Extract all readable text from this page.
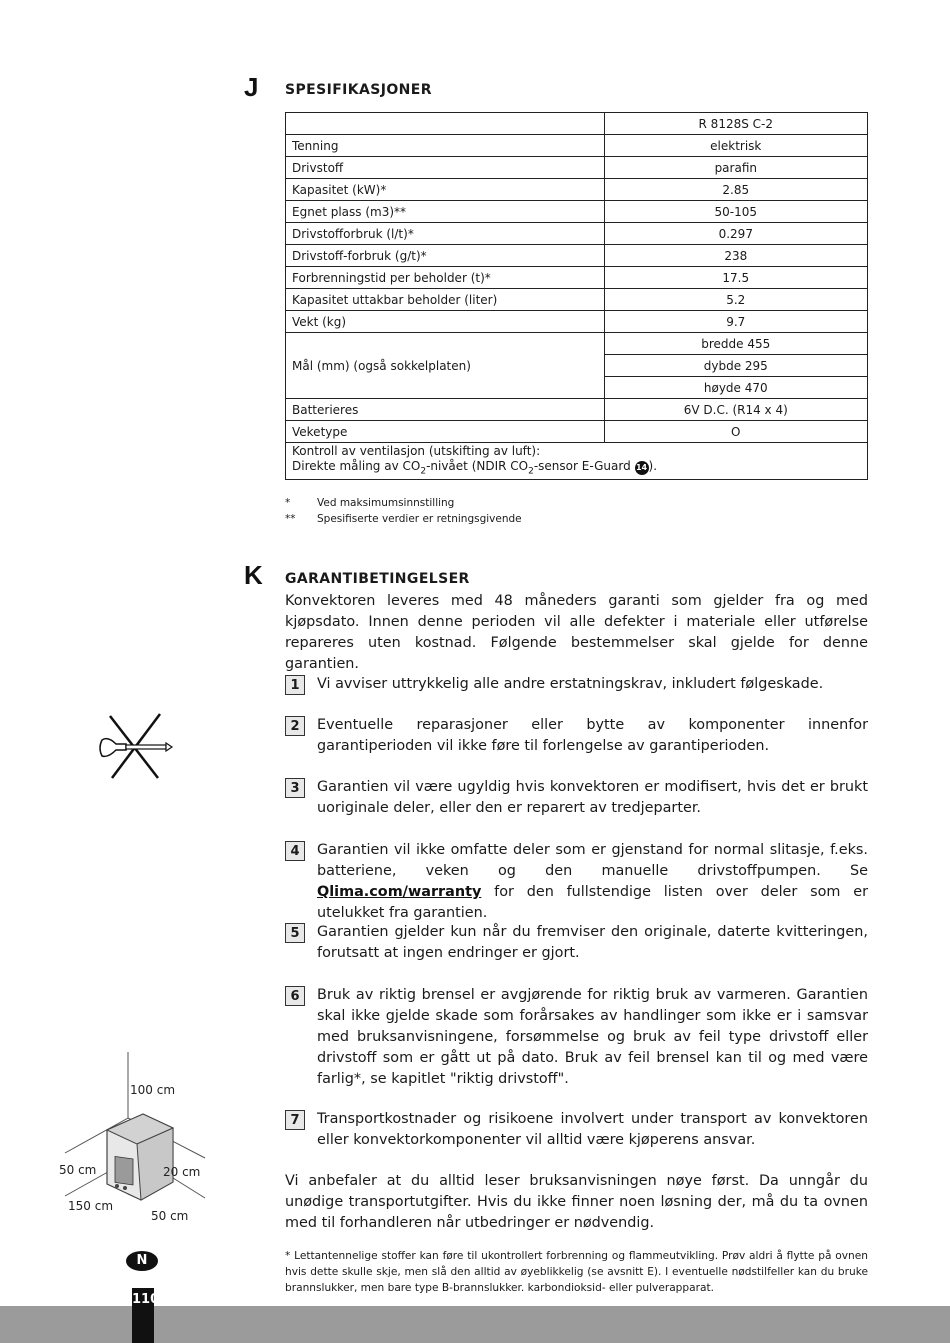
J SPESIFIKASJONER
	R 8128S C-2
Tenning	elektrisk
Drivstoff	parafin
Kapasitet (kW)*	2.85
Egnet plass (m3)**	50-105
Drivstofforbruk (l/t)*	0.297
Drivstoff-forbruk (g/t)*	238
Forbrenningstid per beholder (t)*	17.5
Kapasitet uttakbar beholder (liter)	5.2
Vekt (kg)	9.7
Mål (mm) (også sokkelplaten)	bredde 455
	dybde 295
	høyde 470
Batterieres	6V D.C. (R14 x 4)
Veketype	O

Kontroll av ventilasjon (utskifting av luft):
Direkte måling av $CO_2$-nivået (NDIR $CO_2$-sensor E-Guard 14).	
*	Ved maksimumsinnstilling
** Spesifiserte verdier er retningsgivende
K GARANTIBETINGELSER
Konvektoren leveres med 48 måneders garanti som gjelder fra og med kjøpsdato. Innen denne perioden vil alle defekter i materiale eller utførelse repareres uten kostnad. Følgende bestemmelser skal gjelde for denne garantien.
1	Vi avviser uttrykkelig alle andre erstatningskrav, inkludert følgeskade.
2	Eventuelle reparasjoner eller bytte av komponenter innenfor garantiperioden vil ikke føre til forlengelse av garantiperioden.
3	Garantien vil være ugyldig hvis konvektoren er modifisert, hvis det er brukt uoriginale deler, eller den er reparert av tredjeparter.
4	Garantien vil ikke omfatte deler som er gjenstand for normal slitasje, f.eks. batteriene, veken og den manuelle drivstoffpumpen. Se Qlima.com/warranty for den fullstendige listen over deler som er utelukket fra garantien.
5	Garantien gjelder kun når du fremviser den originale, daterte kvitteringen, forutsatt at ingen endringer er gjort.
6	Bruk av riktig brensel er avgjørende for riktig bruk av varmeren. Garantien skal ikke gjelde skade som forårsakes av handlinger som ikke er i samsvar med bruksanvisningene, forsømmelse og bruk av feil type drivstoff eller drivstoff som er gått ut på dato. Bruk av feil brensel kan til og med være farlig*, se kapitlet "riktig drivstoff".
7	Transportkostnader og risikoene involvert under transport av konvektoren eller konvektorkomponenter vil alltid være kjøperens ansvar.
Vi anbefaler at du alltid leser bruksanvisningen nøye først. Da unngår du unødige transportutgifter. Hvis du ikke finner noen løsning der, må du ta ovnen med til forhandleren når utbedringer er nødvendig.
* Lettantennelige stoffer kan føre til ukontrollert forbrenning og flammeutvikling. Prøv aldri å flytte på ovnen hvis dette skulle skje, men slå den alltid av øyeblikkelig (se avsnitt E). I eventuelle nødstilfeller kan du bruke brannslukker, men bare type B-brannslukker. karbondioksid- eller pulverapparat.
100 cm
50 cm	20 cm
150 cm
50 cm
N
110
